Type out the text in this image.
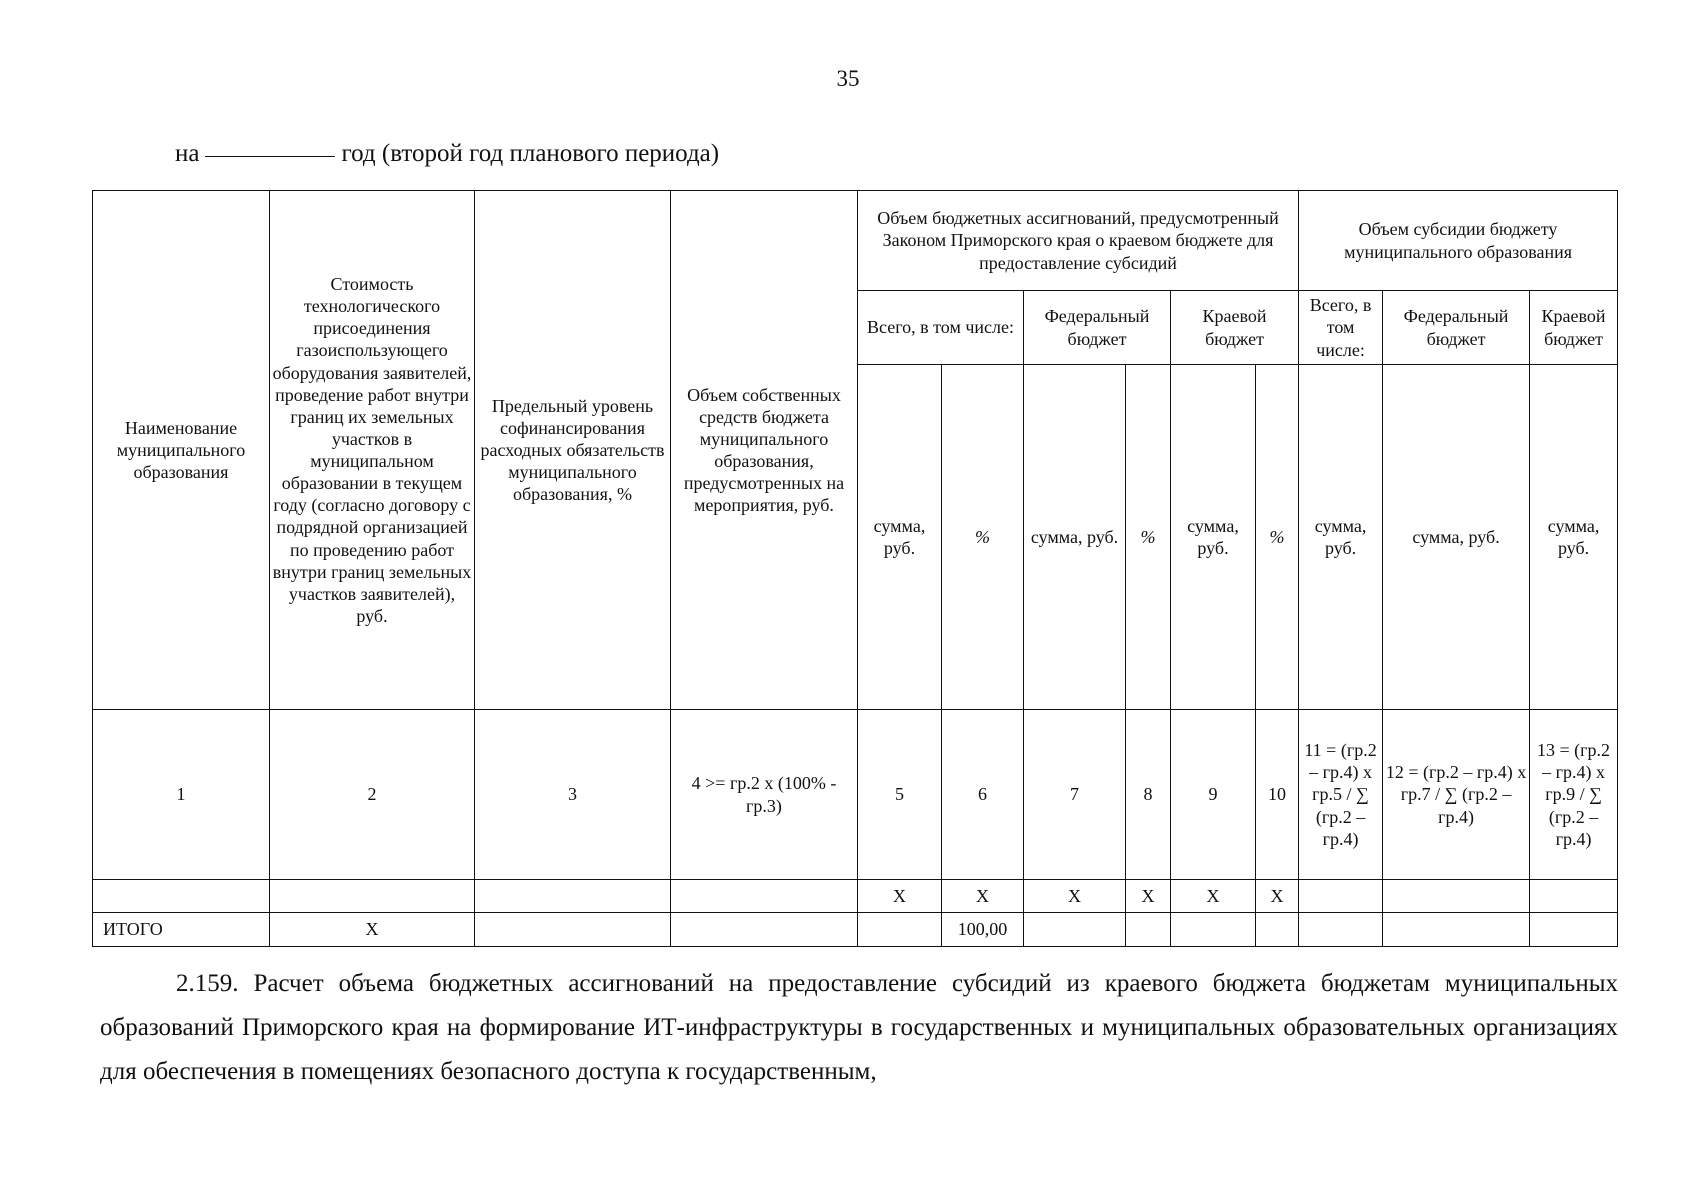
35
на	год (второй год планового периода)
Наименование муниципального образования	Стоимость технологического присоединения газоиспользующего оборудования заявителей, проведение работ внутри границ их земельных участков в муниципальном образовании в текущем году (согласно договору с подрядной организацией по проведению работ внутри границ земельных участков заявителей), руб.	Предельный уровень софинансирования расходных обязательств муниципального образования, %	Объем собственных средств бюджета муниципального образования, предусмотренных на мероприятия, руб.	Объем бюджетных ассигнований, предусмотренный Законом Приморского края о краевом бюджете для предоставление субсидий						Объем субсидии бюджету муниципального образования		
				Всего, в том числе:		Федеральный бюджет		Краевой бюджет		Всего, в том числе:	Федеральный бюджет	Краевой бюджет
				сумма, руб.	%	сумма, руб.	%	сумма, руб.	%	сумма, руб.	сумма, руб.	сумма, руб.
1	2	3	4 >= гр.2 х (100% - гр.3)	5	6	7	8	9	10	11 = (гр.2 – гр.4) х гр.5 / ∑ (гр.2 – гр.4)	12 = (гр.2 – гр.4) х гр.7 / ∑ (гр.2 – гр.4)	13 = (гр.2 – гр.4) х гр.9 / ∑ (гр.2 – гр.4)
				Х	Х	Х	Х	Х	Х			
ИТОГО	Х				100,00							

2.159. Расчет объема бюджетных ассигнований на предоставление субсидий из краевого бюджета бюджетам муниципальных образований Приморского края на формирование ИТ-инфраструктуры в государственных и муниципальных образовательных организациях для обеспечения в помещениях безопасного доступа к государственным,
